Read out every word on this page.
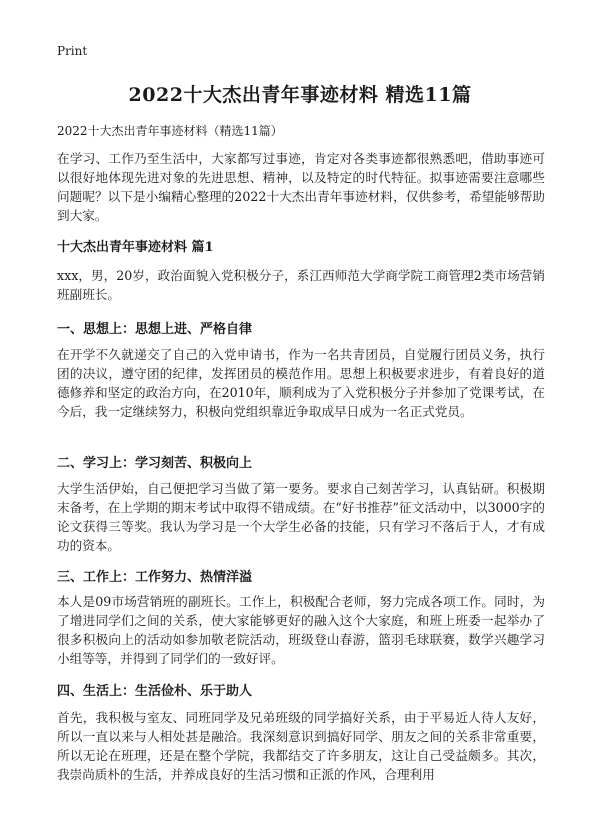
Print
2022十大杰出青年事迹材料 精选11篇
2022十大杰出青年事迹材料（精选11篇）
在学习、工作乃至生活中，大家都写过事迹，肯定对各类事迹都很熟悉吧，借助事迹可以很好地体现先进对象的先进思想、精神，以及特定的时代特征。拟事迹需要注意哪些问题呢？以下是小编精心整理的2022十大杰出青年事迹材料，仅供参考，希望能够帮助到大家。
十大杰出青年事迹材料 篇1
xxx，男，20岁，政治面貌入党积极分子，系江西师范大学商学院工商管理2类市场营销班副班长。
一、思想上：思想上进、严格自律
在开学不久就递交了自己的入党申请书，作为一名共青团员，自觉履行团员义务，执行团的决议，遵守团的纪律，发挥团员的模范作用。思想上积极要求进步，有着良好的道德修养和坚定的政治方向，在2010年，顺利成为了入党积极分子并参加了党课考试，在今后，我一定继续努力，积极向党组织靠近争取成早日成为一名正式党员。
二、学习上：学习刻苦、积极向上
大学生活伊始，自己便把学习当做了第一要务。要求自己刻苦学习，认真钻研。积极期末备考，在上学期的期末考试中取得不错成绩。在“好书推荐”征文活动中，以3000字的论文获得三等奖。我认为学习是一个大学生必备的技能，只有学习不落后于人，才有成功的资本。
三、工作上：工作努力、热情洋溢
本人是09市场营销班的副班长。工作上，积极配合老师，努力完成各项工作。同时，为了增进同学们之间的关系，使大家能够更好的融入这个大家庭，和班上班委一起举办了很多积极向上的活动如参加敬老院活动，班级登山春游，篮羽毛球联赛，数学兴趣学习小组等等，并得到了同学们的一致好评。
四、生活上：生活俭朴、乐于助人
首先，我积极与室友、同班同学及兄弟班级的同学搞好关系，由于平易近人待人友好，所以一直以来与人相处甚是融洽。我深刻意识到搞好同学、朋友之间的关系非常重要，所以无论在班理，还是在整个学院，我都结交了许多朋友，这让自己受益颇多。其次，我崇尚质朴的生活，并养成良好的生活习惯和正派的作风，合理利用
